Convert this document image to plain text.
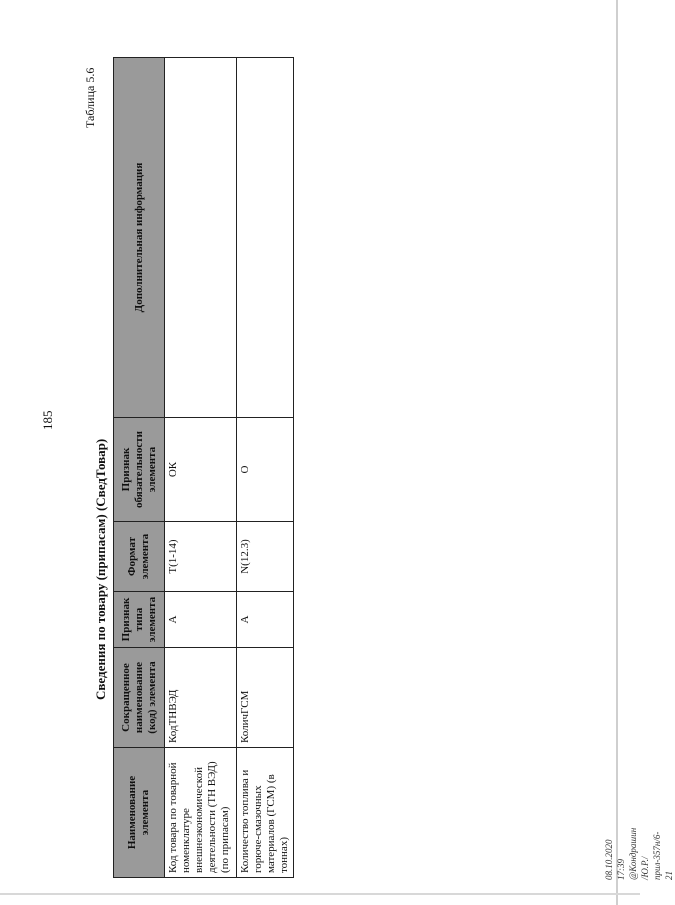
185
Таблица 5.6
Сведения по товару (припасам) (СведТовар)
Наименование элемента	Сокращенное наименование (код) элемента	Признак типа элемента	Формат элемента	Признак обязательности элемента	Дополнительная информация
Код товара по товарной номенклатуре внешнеэкономической деятельности (ТН ВЭД) (по припасам)	КодТНВЭД	А	T(1-14)	ОК	
Количество топлива и горюче-смазочных материалов (ГСМ) (в тоннах)	КоличГСМ	А	N(12.3)	О	
08.10.2020 17:39 @Кондрашин /Ю.Р./прил-357н/6-21
